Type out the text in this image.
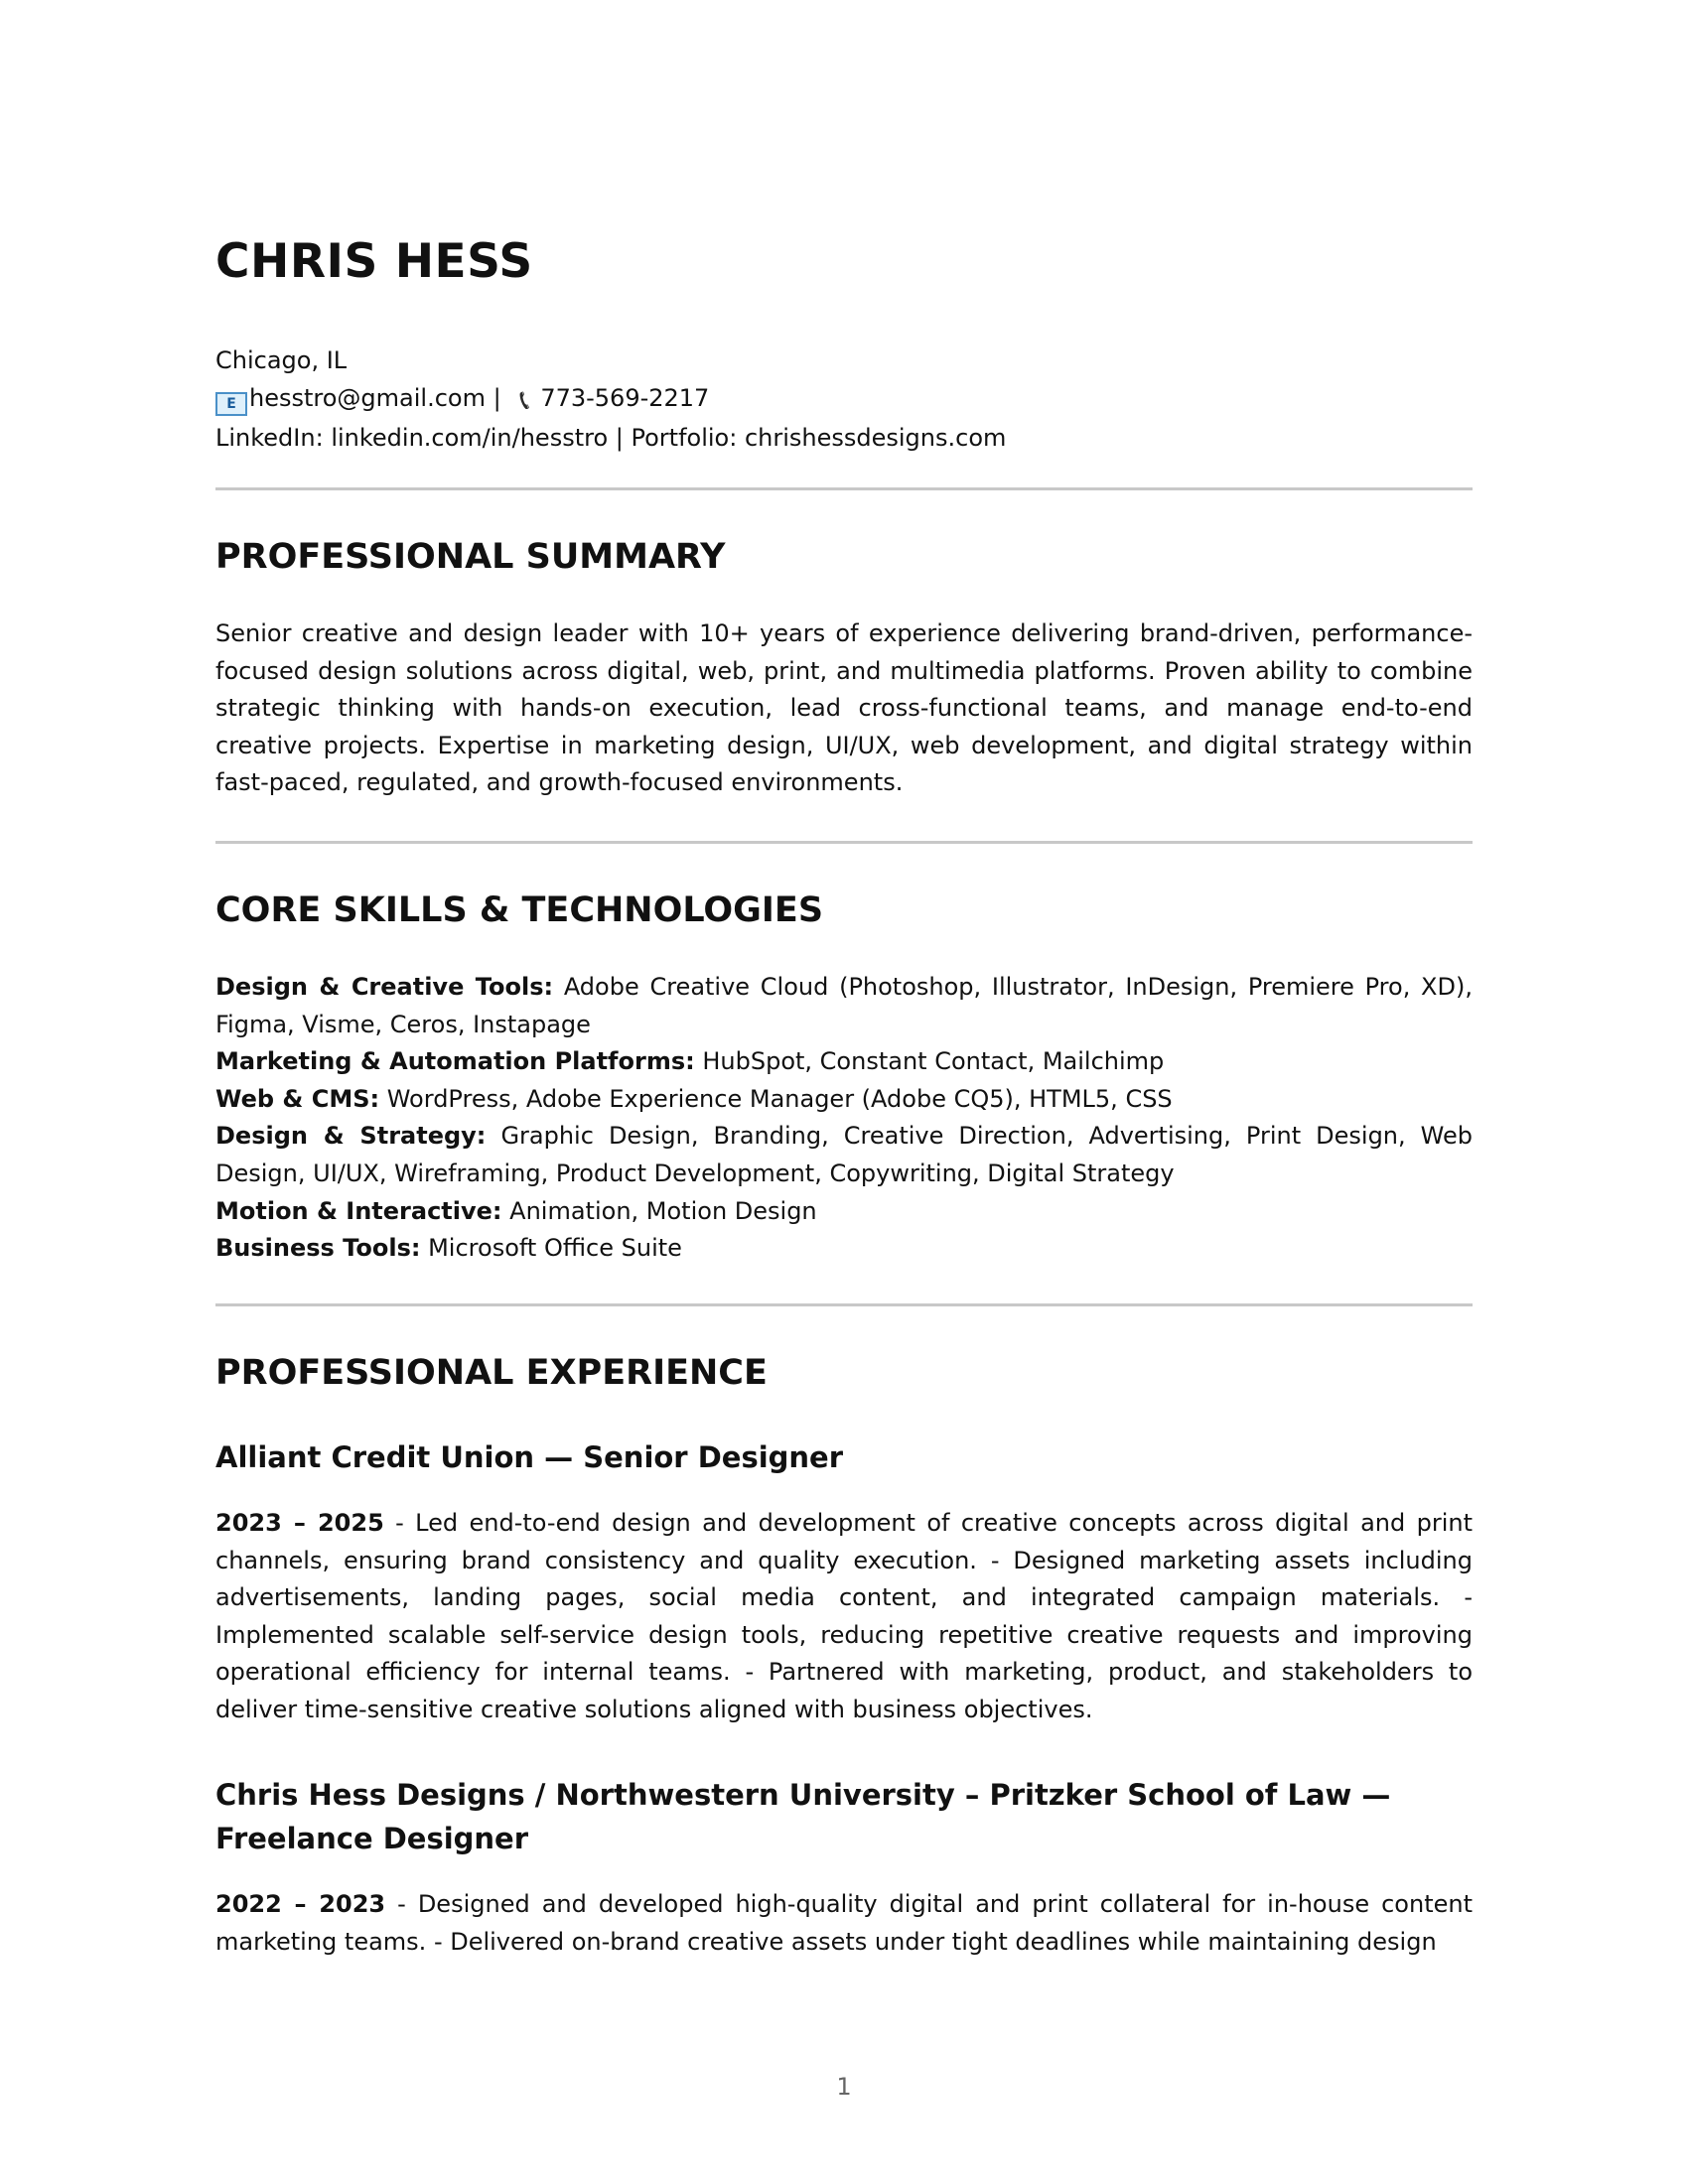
CHRIS HESS
Chicago, IL
E hesstro@gmail.com | 📞︎ 773-569-2217
LinkedIn: linkedin.com/in/hesstro | Portfolio: chrishessdesigns.com
PROFESSIONAL SUMMARY

Senior creative and design leader with 10+ years of experience delivering brand-driven, performance-focused design solutions across digital, web, print, and multimedia platforms. Proven ability to combine strategic thinking with hands-on execution, lead cross-functional teams, and manage end-to-end creative projects. Expertise in marketing design, UI/UX, web development, and digital strategy within fast-paced, regulated, and growth-focused environments.

CORE SKILLS & TECHNOLOGIES
Design & Creative Tools: Adobe Creative Cloud (Photoshop, Illustrator, InDesign, Premiere Pro, XD), Figma, Visme, Ceros, Instapage
Marketing & Automation Platforms: HubSpot, Constant Contact, Mailchimp
Web & CMS: WordPress, Adobe Experience Manager (Adobe CQ5), HTML5, CSS
Design & Strategy: Graphic Design, Branding, Creative Direction, Advertising, Print Design, Web Design, UI/UX, Wireframing, Product Development, Copywriting, Digital Strategy
Motion & Interactive: Animation, Motion Design
Business Tools: Microsoft Office Suite
PROFESSIONAL EXPERIENCE
Alliant Credit Union — Senior Designer

2023 – 2025 - Led end-to-end design and development of creative concepts across digital and print channels, ensuring brand consistency and quality execution. - Designed marketing assets including advertisements, landing pages, social media content, and integrated campaign materials. - Implemented scalable self-service design tools, reducing repetitive creative requests and improving operational efficiency for internal teams. - Partnered with marketing, product, and stakeholders to deliver time-sensitive creative solutions aligned with business objectives.

Chris Hess Designs / Northwestern University – Pritzker School of Law — Freelance Designer

2022 – 2023 - Designed and developed high-quality digital and print collateral for in-house content marketing teams. - Delivered on-brand creative assets under tight deadlines while maintaining design

1
